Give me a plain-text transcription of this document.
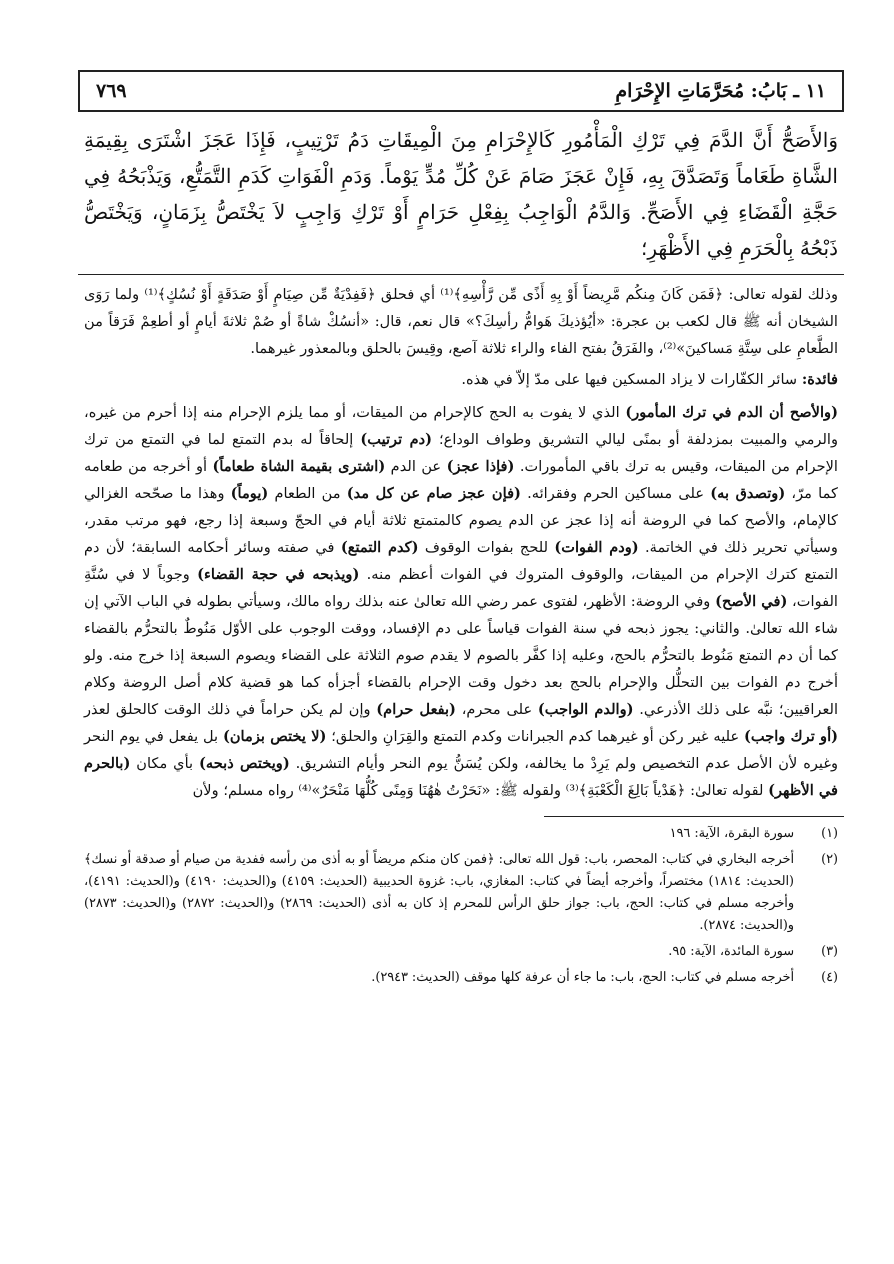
١١ ـ بَابُ: مُحَرَّمَاتِ الإِحْرَامِ
٧٦٩
وَالأَصَحُّ أَنَّ الدَّمَ فِي تَرْكِ الْمَأْمُورِ كَالإِحْرَامِ مِنَ الْمِيقَاتِ دَمُ تَرْتِيبٍ، فَإِذَا عَجَزَ اشْتَرَى بِقِيمَةِ الشَّاةِ طَعَاماً وَتَصَدَّقَ بِهِ، فَإِنْ عَجَزَ صَامَ عَنْ كُلِّ مُدٍّ يَوْماً. وَدَمِ الْفَوَاتِ كَدَمِ التَّمَتُّعِ، وَيَذْبَحُهُ فِي حَجَّةِ الْقَضَاءِ فِي الأَصَحِّ. وَالدَّمُ الْوَاجِبُ بِفِعْلِ حَرَامٍ أَوْ تَرْكِ وَاجِبٍ لاَ يَخْتَصُّ بِزَمَانٍ، وَيَخْتَصُّ ذَبْحُهُ بِالْحَرَمِ فِي الأَظْهَرِ؛

وذلك لقوله تعالى: ﴿فَمَن كَانَ مِنكُم مَّرِيضاً أَوْ بِهِ أَذًى مِّن رَّأْسِهِ﴾⁽¹⁾ أي فحلق ﴿فَفِدْيَةٌ مِّن صِيَامٍ أَوْ صَدَقَةٍ أَوْ نُسُكٍ﴾⁽¹⁾ ولما رَوَى الشيخان أنه ﷺ قال لكعب بن عجرة: «أيُؤذيكَ هَوامُّ رأسِكَ؟» قال نعم، قال: «أنسُكْ شاةً أو صُمْ ثلاثةَ أيامٍ أو أطعِمْ فَرَقاً من الطَّعامِ على سِتَّةِ مَساكينَ»⁽²⁾، والفَرَقُ بفتح الفاء والراء ثلاثة آصع، وقِيسَ بالحلق وبالمعذور غيرهما.

فائدة: سائر الكفّارات لا يزاد المسكين فيها على مدّ إلاّ في هذه.

(والأصح أن الدم في ترك المأمور) الذي لا يفوت به الحج كالإحرام من الميقات، أو مما يلزم الإحرام منه إذا أحرم من غيره، والرمي والمبيت بمزدلفة أو بمنًى ليالي التشريق وطواف الوداع؛ (دم ترتيب) إلحاقاً له بدم التمتع لما في التمتع من ترك الإحرام من الميقات، وقيس به ترك باقي المأمورات. (فإذا عجز) عن الدم (اشترى بقيمة الشاة طعاماً) أو أخرجه من طعامه كما مرّ، (وتصدق به) على مساكين الحرم وفقرائه. (فإن عجز صام عن كل مد) من الطعام (يوماً) وهذا ما صحّحه الغزالي كالإمام، والأصح كما في الروضة أنه إذا عجز عن الدم يصوم كالمتمتع ثلاثة أيام في الحجّ وسبعة إذا رجع، فهو مرتب مقدر، وسيأتي تحرير ذلك في الخاتمة. (ودم الفوات) للحج بفوات الوقوف (كدم التمتع) في صفته وسائر أحكامه السابقة؛ لأن دم التمتع كترك الإحرام من الميقات، والوقوف المتروك في الفوات أعظم منه. (ويذبحه في حجة القضاء) وجوباً لا في سُنَّةِ الفوات، (في الأصح) وفي الروضة: الأظهر، لفتوى عمر رضي الله تعالىٰ عنه بذلك رواه مالك، وسيأتي بطوله في الباب الآتي إن شاء الله تعالىٰ. والثاني: يجوز ذبحه في سنة الفوات قياساً على دم الإفساد، ووقت الوجوب على الأوّل مَنُوطٌ بالتحرُّم بالقضاء كما أن دم التمتع مَنُوط بالتحرُّم بالحج، وعليه إذا كفَّر بالصوم لا يقدم صوم الثلاثة على القضاء ويصوم السبعة إذا خرج منه. ولو أخرج دم الفوات بين التحلُّل والإحرام بالحج بعد دخول وقت الإحرام بالقضاء أجزأه كما هو قضية كلام أصل الروضة وكلام العراقيين؛ نبَّه على ذلك الأذرعي. (والدم الواجب) على محرم، (بفعل حرام) وإن لم يكن حراماً في ذلك الوقت كالحلق لعذر (أو ترك واجب) عليه غير ركن أو غيرهما كدم الجبرانات وكدم التمتع والقِرَانِ والحلق؛ (لا يختص بزمان) بل يفعل في يوم النحر وغيره لأن الأصل عدم التخصيص ولم يَرِدْ ما يخالفه، ولكن يُسَنُّ يوم النحر وأيام التشريق. (ويختص ذبحه) بأي مكان (بالحرم في الأظهر) لقوله تعالىٰ: ﴿هَدْياً بَالِغَ الْكَعْبَةِ﴾⁽³⁾ ولقوله ﷺ: «نَحَرْتُ هٰهُنَا وَمِنًى كُلُّهَا مَنْحَرٌ»⁽⁴⁾ رواه مسلم؛ ولأن

(١)
سورة البقرة، الآية: ١٩٦
(٢)
أخرجه البخاري في كتاب: المحصر، باب: قول الله تعالى: ﴿فمن كان منكم مريضاً أو به أذى من رأسه ففدية من صيام أو صدقة أو نسك﴾ (الحديث: ١٨١٤) مختصراً، وأخرجه أيضاً في كتاب: المغازي، باب: غزوة الحديبية (الحديث: ٤١٥٩) و(الحديث: ٤١٩٠) و(الحديث: ٤١٩١)، وأخرجه مسلم في كتاب: الحج، باب: جواز حلق الرأس للمحرم إذ كان به أذى (الحديث: ٢٨٦٩) و(الحديث: ٢٨٧٢) و(الحديث: ٢٨٧٣) و(الحديث: ٢٨٧٤).
(٣)
سورة المائدة، الآية: ٩٥.
(٤)
أخرجه مسلم في كتاب: الحج، باب: ما جاء أن عرفة كلها موقف (الحديث: ٢٩٤٣).
